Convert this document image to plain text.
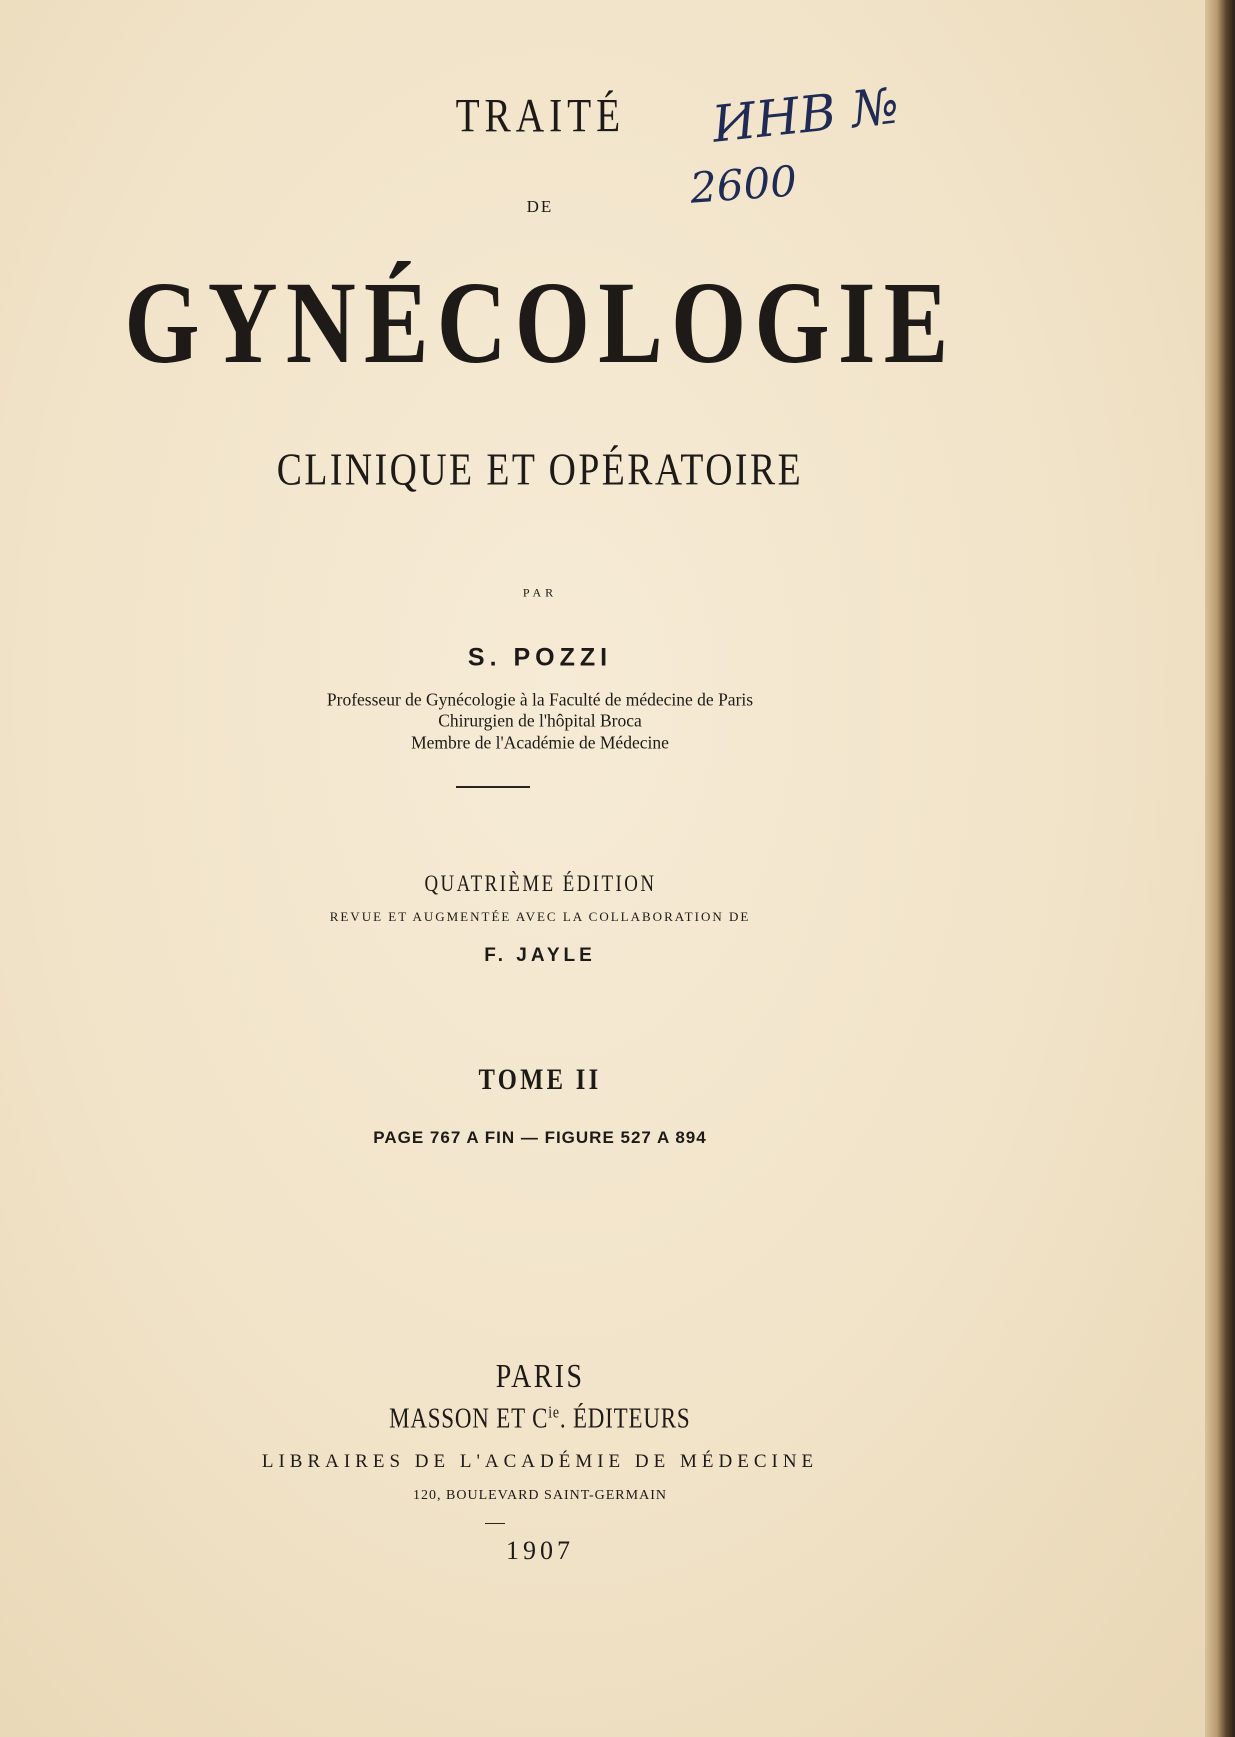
ИНВ №
2600
TRAITÉ
DE
GYNÉCOLOGIE
CLINIQUE ET OPÉRATOIRE
PAR
S. POZZI
Professeur de Gynécologie à la Faculté de médecine de Paris
Chirurgien de l'hôpital Broca
Membre de l'Académie de Médecine
QUATRIÈME ÉDITION
REVUE ET AUGMENTÉE AVEC LA COLLABORATION DE
F. JAYLE
TOME II
PAGE 767 A FIN — FIGURE 527 A 894
PARIS
MASSON ET $C^{ie}$. ÉDITEURS
LIBRAIRES DE L'ACADÉMIE DE MÉDECINE
120, BOULEVARD SAINT-GERMAIN
1907
